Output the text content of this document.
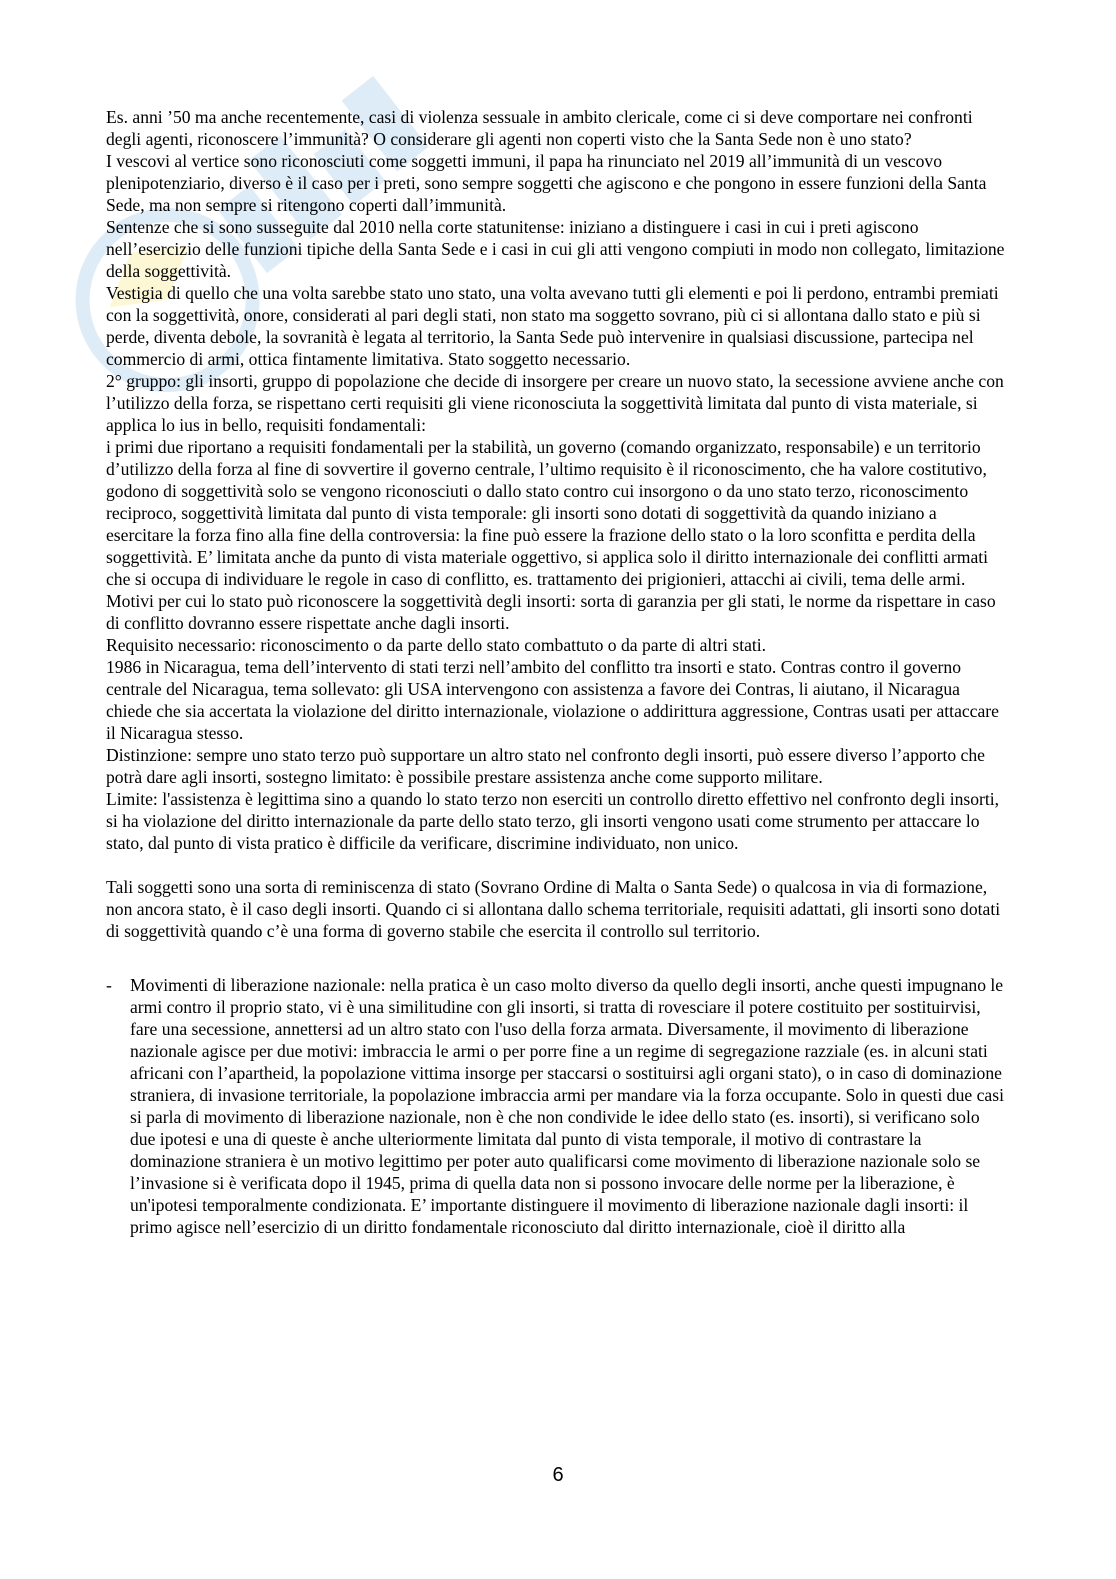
Es. anni ’50 ma anche recentemente, casi di violenza sessuale in ambito clericale, come ci si deve comportare nei confronti degli agenti, riconoscere l’immunità? O considerare gli agenti non coperti visto che la Santa Sede non è uno stato?

I vescovi al vertice sono riconosciuti come soggetti immuni, il papa ha rinunciato nel 2019 all’immunità di un vescovo plenipotenziario, diverso è il caso per i preti, sono sempre soggetti che agiscono e che pongono in essere funzioni della Santa Sede, ma non sempre si ritengono coperti dall’immunità.

Sentenze che si sono susseguite dal 2010 nella corte statunitense: iniziano a distinguere i casi in cui i preti agiscono nell’esercizio delle funzioni tipiche della Santa Sede e i casi in cui gli atti vengono compiuti in modo non collegato, limitazione della soggettività.

Vestigia di quello che una volta sarebbe stato uno stato, una volta avevano tutti gli elementi e poi li perdono, entrambi premiati con la soggettività, onore, considerati al pari degli stati, non stato ma soggetto sovrano, più ci si allontana dallo stato e più si perde, diventa debole, la sovranità è legata al territorio, la Santa Sede può intervenire in qualsiasi discussione, partecipa nel commercio di armi, ottica fintamente limitativa. Stato soggetto necessario.

2° gruppo: gli insorti, gruppo di popolazione che decide di insorgere per creare un nuovo stato, la secessione avviene anche con l’utilizzo della forza, se rispettano certi requisiti gli viene riconosciuta la soggettività limitata dal punto di vista materiale, si applica lo ius in bello, requisiti fondamentali:

i primi due riportano a requisiti fondamentali per la stabilità, un governo (comando organizzato, responsabile) e un territorio d’utilizzo della forza al fine di sovvertire il governo centrale, l’ultimo requisito è il riconoscimento, che ha valore costitutivo, godono di soggettività solo se vengono riconosciuti o dallo stato contro cui insorgono o da uno stato terzo, riconoscimento reciproco, soggettività limitata dal punto di vista temporale: gli insorti sono dotati di soggettività da quando iniziano a esercitare la forza fino alla fine della controversia: la fine può essere la frazione dello stato o la loro sconfitta e perdita della soggettività. E’ limitata anche da punto di vista materiale oggettivo, si applica solo il diritto internazionale dei conflitti armati che si occupa di individuare le regole in caso di conflitto, es. trattamento dei prigionieri, attacchi ai civili, tema delle armi.

Motivi per cui lo stato può riconoscere la soggettività degli insorti: sorta di garanzia per gli stati, le norme da rispettare in caso di conflitto dovranno essere rispettate anche dagli insorti.

Requisito necessario: riconoscimento o da parte dello stato combattuto o da parte di altri stati.

1986 in Nicaragua, tema dell’intervento di stati terzi nell’ambito del conflitto tra insorti e stato. Contras contro il governo centrale del Nicaragua, tema sollevato: gli USA intervengono con assistenza a favore dei Contras, li aiutano, il Nicaragua chiede che sia accertata la violazione del diritto internazionale, violazione o addirittura aggressione, Contras usati per attaccare il Nicaragua stesso.

Distinzione: sempre uno stato terzo può supportare un altro stato nel confronto degli insorti, può essere diverso l’apporto che potrà dare agli insorti, sostegno limitato: è possibile prestare assistenza anche come supporto militare.

Limite: l'assistenza è legittima sino a quando lo stato terzo non eserciti un controllo diretto effettivo nel confronto degli insorti, si ha violazione del diritto internazionale da parte dello stato terzo, gli insorti vengono usati come strumento per attaccare lo stato, dal punto di vista pratico è difficile da verificare, discrimine individuato, non unico.

Tali soggetti sono una sorta di reminiscenza di stato (Sovrano Ordine di Malta o Santa Sede) o qualcosa in via di formazione, non ancora stato, è il caso degli insorti. Quando ci si allontana dallo schema territoriale, requisiti adattati, gli insorti sono dotati di soggettività quando c’è una forma di governo stabile che esercita il controllo sul territorio.

-	Movimenti di liberazione nazionale: nella pratica è un caso molto diverso da quello degli insorti, anche questi impugnano le armi contro il proprio stato, vi è una similitudine con gli insorti, si tratta di rovesciare il potere costituito per sostituirvisi, fare una secessione, annettersi ad un altro stato con l'uso della forza armata. Diversamente, il movimento di liberazione nazionale agisce per due motivi: imbraccia le armi o per porre fine a un regime di segregazione razziale (es. in alcuni stati africani con l’apartheid, la popolazione vittima insorge per staccarsi o sostituirsi agli organi stato), o in caso di dominazione straniera, di invasione territoriale, la popolazione imbraccia armi per mandare via la forza occupante. Solo in questi due casi si parla di movimento di liberazione nazionale, non è che non condivide le idee dello stato (es. insorti), si verificano solo due ipotesi e una di queste è anche ulteriormente limitata dal punto di vista temporale, il motivo di contrastare la dominazione straniera è un motivo legittimo per poter auto qualificarsi come movimento di liberazione nazionale solo se l’invasione si è verificata dopo il 1945, prima di quella data non si possono invocare delle norme per la liberazione, è un'ipotesi temporalmente condizionata. E’ importante distinguere il movimento di liberazione nazionale dagli insorti: il primo agisce nell’esercizio di un diritto fondamentale riconosciuto dal diritto internazionale, cioè il diritto alla
6
